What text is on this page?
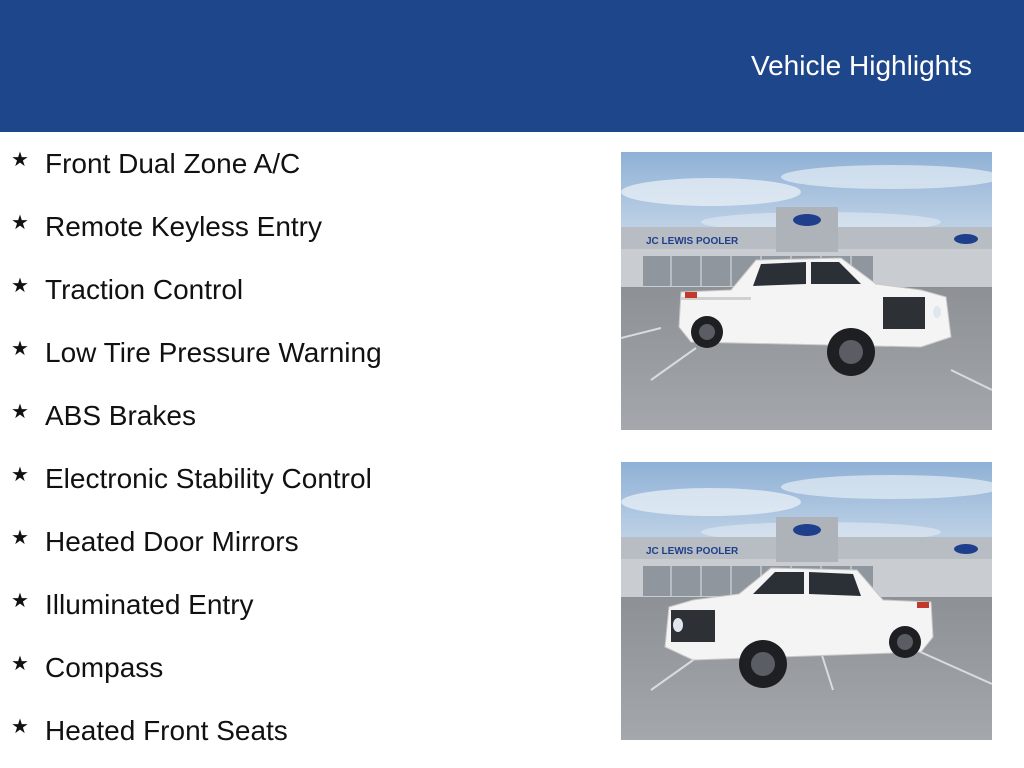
Vehicle Highlights
★ Front Dual Zone A/C
★ Remote Keyless Entry
★ Traction Control
★ Low Tire Pressure Warning
★ ABS Brakes
★ Electronic Stability Control
★ Heated Door Mirrors
★ Illuminated Entry
★ Compass
★ Heated Front Seats
JC LEWIS POOLER
JC LEWIS POOLER
